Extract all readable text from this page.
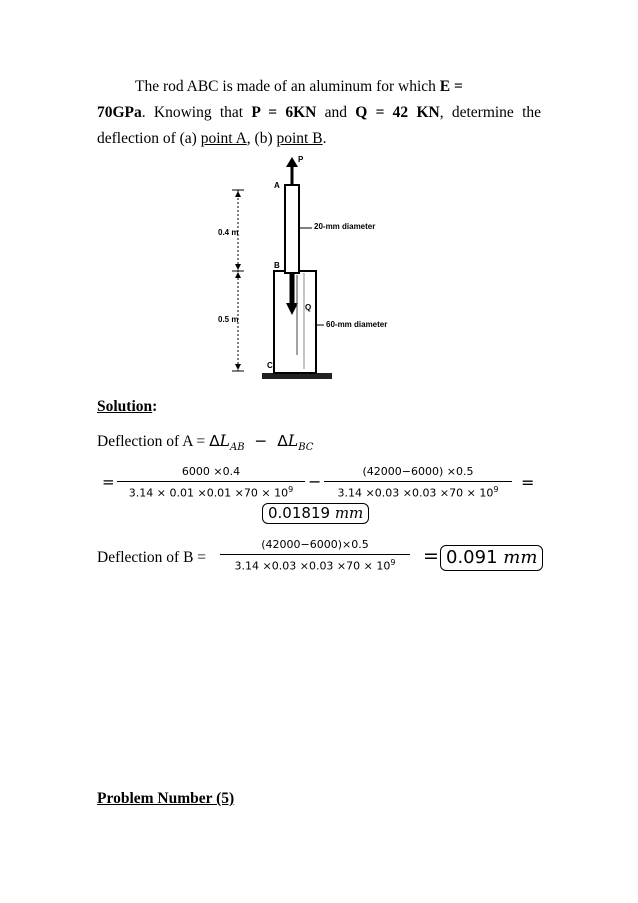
The rod ABC is made of an aluminum for which E =
70GPa. Knowing that P = 6KN and Q = 42 KN, determine the deflection of (a) point A, (b) point B.
P
A
B
C
Q
0.4 m
0.5 m
20-mm diameter
60-mm diameter
Solution:
Deflection of $A = \Delta L_{AB} - \Delta L_{BC}$
=
6000 ×0.4
$3.14 \times 0.01 \times 0.01 \times 70 \times 10^9$ −
(42000−6000) ×0.5
$3.14 \times 0.03 \times 0.03 \times 70 \times 10^9$	=
0.01819 mm
Deflection of B =
(42000−6000)×0.5
$3.14 \times 0.03 \times 0.03 \times 70 \times 10^9$	= 0.091 mm
Problem Number (5)
